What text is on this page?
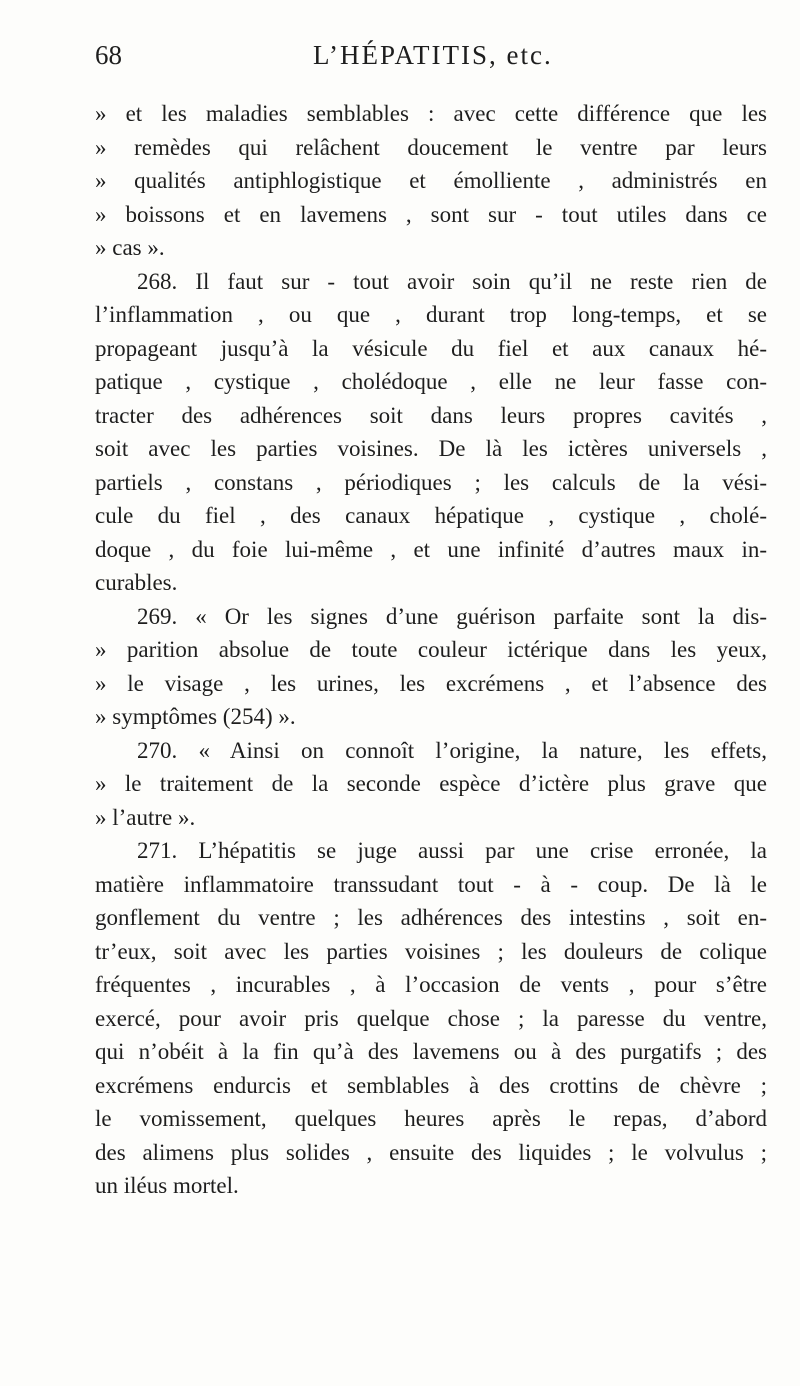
68	L’HÉPATITIS, etc.
» et les maladies semblables : avec cette différence que les
» remèdes qui relâchent doucement le ventre par leurs
» qualités antiphlogistique et émolliente , administrés en
» boissons et en lavemens , sont sur - tout utiles dans ce
» cas ».
268. Il faut sur - tout avoir soin qu’il ne reste rien de
l’inflammation , ou que , durant trop long-temps, et se
propageant jusqu’à la vésicule du fiel et aux canaux hé-
patique , cystique , cholédoque , elle ne leur fasse con-
tracter des adhérences soit dans leurs propres cavités ,
soit avec les parties voisines. De là les ictères universels ,
partiels , constans , périodiques ; les calculs de la vési-
cule du fiel , des canaux hépatique , cystique , cholé-
doque , du foie lui-même , et une infinité d’autres maux in-
curables.
269. « Or les signes d’une guérison parfaite sont la dis-
» parition absolue de toute couleur ictérique dans les yeux,
» le visage , les urines, les excrémens , et l’absence des
» symptômes (254) ».
270. « Ainsi on connoît l’origine, la nature, les effets,
» le traitement de la seconde espèce d’ictère plus grave que
» l’autre ».
271. L’hépatitis se juge aussi par une crise erronée, la
matière inflammatoire transsudant tout - à - coup. De là le
gonflement du ventre ; les adhérences des intestins , soit en-
tr’eux, soit avec les parties voisines ; les douleurs de colique
fréquentes , incurables , à l’occasion de vents , pour s’être
exercé, pour avoir pris quelque chose ; la paresse du ventre,
qui n’obéit à la fin qu’à des lavemens ou à des purgatifs ; des
excrémens endurcis et semblables à des crottins de chèvre ;
le vomissement, quelques heures après le repas, d’abord
des alimens plus solides , ensuite des liquides ; le volvulus ;
un iléus mortel.
